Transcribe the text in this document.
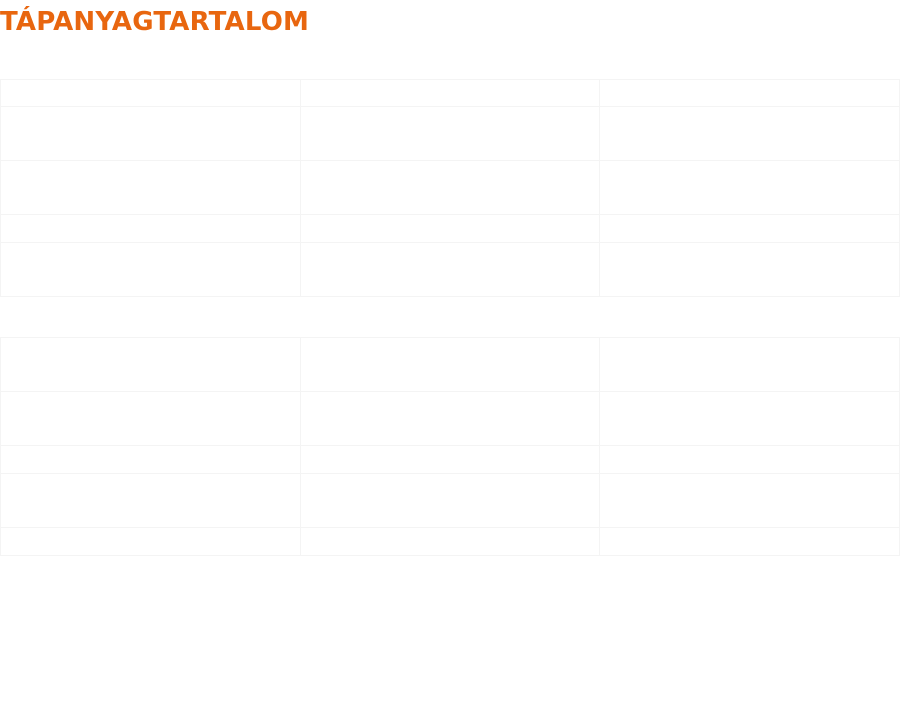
TÁPANYAGTARTALOM
